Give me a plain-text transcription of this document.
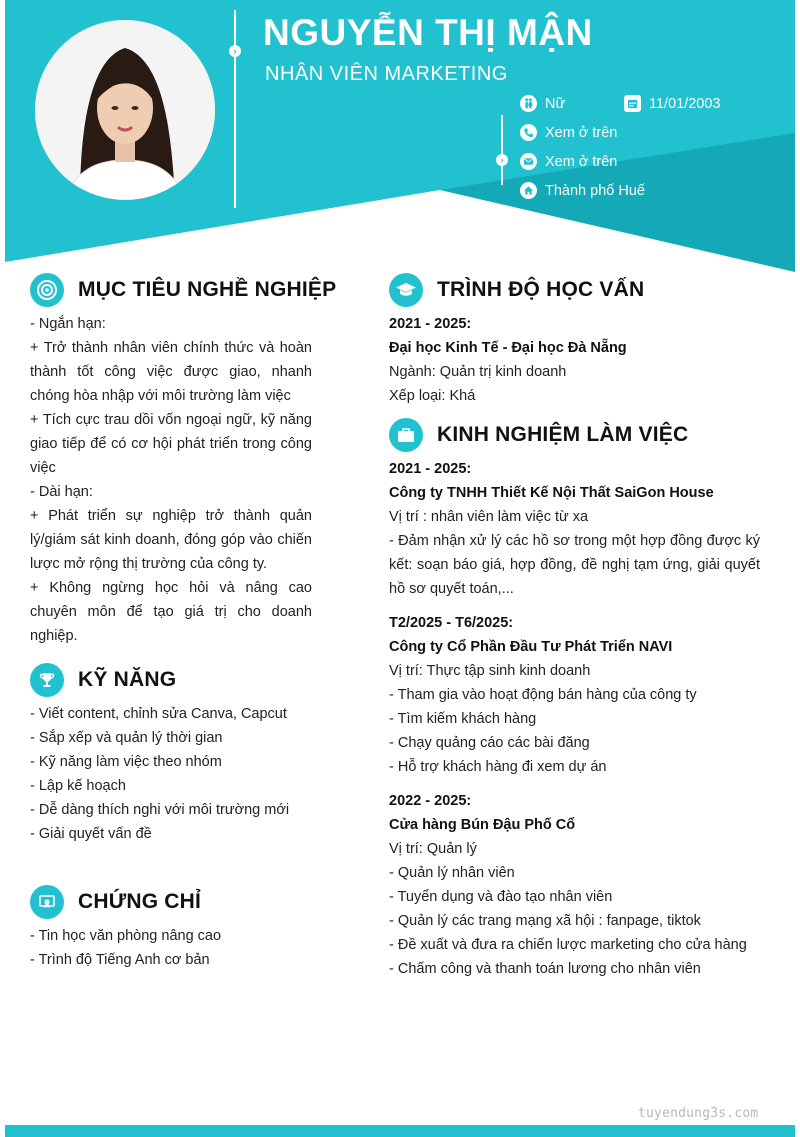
›
›
NGUYỄN THỊ MẬN
NHÂN VIÊN MARKETING
Nữ	11/01/2003
Xem ở trên
Xem ở trên
Thành phố Huế
MỤC TIÊU NGHỀ NGHIỆP

- Ngắn hạn:

+ Trở thành nhân viên chính thức và hoàn thành tốt công việc được giao, nhanh chóng hòa nhập với môi trường làm việc

+ Tích cực trau dồi vốn ngoại ngữ, kỹ năng giao tiếp để có cơ hội phát triển trong công việc

- Dài hạn:

+ Phát triển sự nghiệp trở thành quản lý/giám sát kinh doanh, đóng góp vào chiến lược mở rộng thị trường của công ty.

+ Không ngừng học hỏi và nâng cao chuyên môn để tạo giá trị cho doanh nghiệp.

KỸ NĂNG

- Viết content, chỉnh sửa Canva, Capcut

- Sắp xếp và quản lý thời gian

- Kỹ năng làm việc theo nhóm

- Lập kế hoạch

- Dễ dàng thích nghi với môi trường mới

- Giải quyết vấn đề

CHỨNG CHỈ

- Tin học văn phòng nâng cao

- Trình độ Tiếng Anh cơ bản

TRÌNH ĐỘ HỌC VẤN

2021 - 2025:

Đại học Kinh Tế - Đại học Đà Nẵng

Ngành: Quản trị kinh doanh

Xếp loại: Khá

KINH NGHIỆM LÀM VIỆC

2021 - 2025:

Công ty TNHH Thiết Kế Nội Thất SaiGon House

Vị trí : nhân viên làm việc từ xa

- Đảm nhận xử lý các hồ sơ trong một hợp đồng được ký kết: soạn báo giá, hợp đồng, đề nghị tạm ứng, giải quyết hồ sơ quyết toán,...

T2/2025 - T6/2025:

Công ty Cổ Phần Đầu Tư Phát Triển NAVI

Vị trí: Thực tập sinh kinh doanh

- Tham gia vào hoạt động bán hàng của công ty

- Tìm kiếm khách hàng

- Chạy quảng cáo các bài đăng

- Hỗ trợ khách hàng đi xem dự án

2022 - 2025:

Cửa hàng Bún Đậu Phố Cổ

Vị trí: Quản lý

- Quản lý nhân viên

- Tuyển dụng và đào tạo nhân viên

- Quản lý các trang mạng xã hội : fanpage, tiktok

- Đề xuất và đưa ra chiến lược marketing cho cửa hàng

- Chấm công và thanh toán lương cho nhân viên

tuyendung3s.com
